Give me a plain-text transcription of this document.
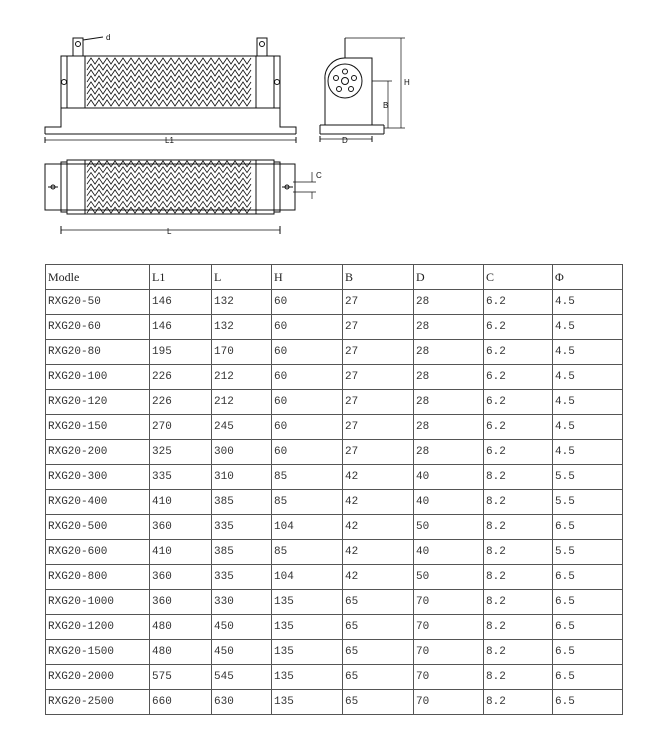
d
L1
H
B
D
C
L
Modle	L1	L	H	B	D	C	Φ
RXG20-50	146	132	60	27	28	6.2	4.5
RXG20-60	146	132	60	27	28	6.2	4.5
RXG20-80	195	170	60	27	28	6.2	4.5
RXG20-100	226	212	60	27	28	6.2	4.5
RXG20-120	226	212	60	27	28	6.2	4.5
RXG20-150	270	245	60	27	28	6.2	4.5
RXG20-200	325	300	60	27	28	6.2	4.5
RXG20-300	335	310	85	42	40	8.2	5.5
RXG20-400	410	385	85	42	40	8.2	5.5
RXG20-500	360	335	104	42	50	8.2	6.5
RXG20-600	410	385	85	42	40	8.2	5.5
RXG20-800	360	335	104	42	50	8.2	6.5
RXG20-1000	360	330	135	65	70	8.2	6.5
RXG20-1200	480	450	135	65	70	8.2	6.5
RXG20-1500	480	450	135	65	70	8.2	6.5
RXG20-2000	575	545	135	65	70	8.2	6.5
RXG20-2500	660	630	135	65	70	8.2	6.5
